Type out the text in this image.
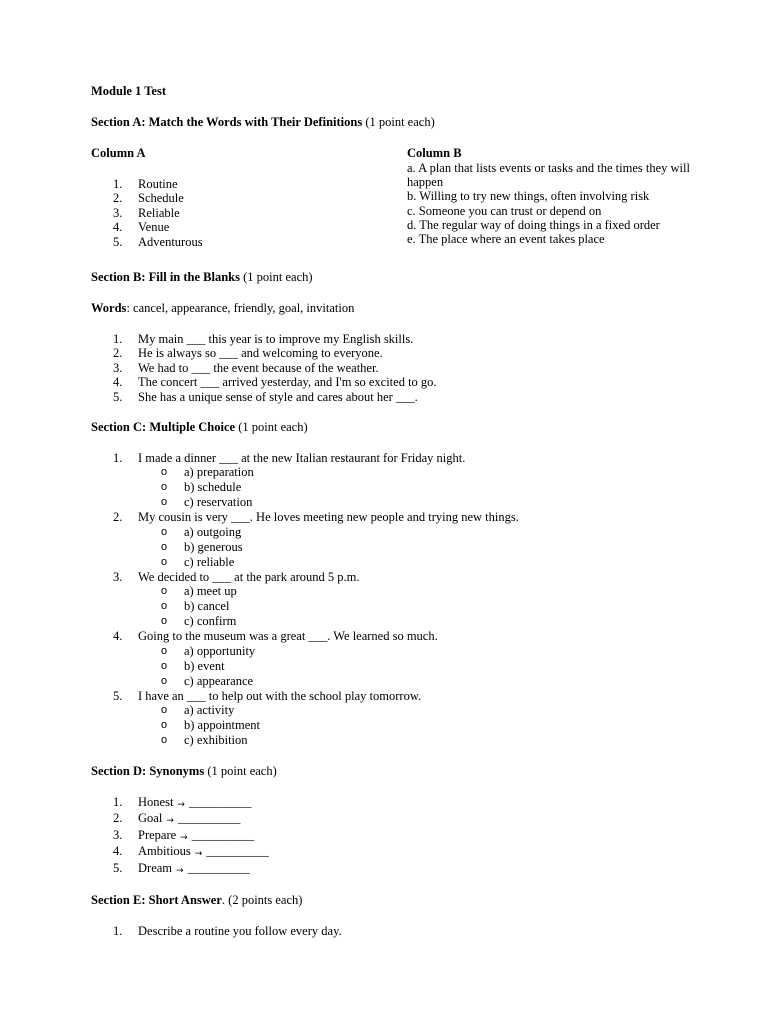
Module 1 Test
Section A: Match the Words with Their Definitions (1 point each)
Column A
1. Routine
2. Schedule
3. Reliable
4. Venue
5. Adventurous
Column B
a. A plan that lists events or tasks and the times they will happen
b. Willing to try new things, often involving risk
c. Someone you can trust or depend on
d. The regular way of doing things in a fixed order
e. The place where an event takes place
Section B: Fill in the Blanks (1 point each)
Words: cancel, appearance, friendly, goal, invitation
1. My main ___ this year is to improve my English skills.
2. He is always so ___ and welcoming to everyone.
3. We had to ___ the event because of the weather.
4. The concert ___ arrived yesterday, and I'm so excited to go.
5. She has a unique sense of style and cares about her ___.
Section C: Multiple Choice (1 point each)
1. I made a dinner ___ at the new Italian restaurant for Friday night.
o a) preparation
o b) schedule
o c) reservation
2. My cousin is very ___. He loves meeting new people and trying new things.
o a) outgoing
o b) generous
o c) reliable
3. We decided to ___ at the park around 5 p.m.
o a) meet up
o b) cancel
o c) confirm
4. Going to the museum was a great ___. We learned so much.
o a) opportunity
o b) event
o c) appearance
5. I have an ___ to help out with the school play tomorrow.
o a) activity
o b) appointment
o c) exhibition
Section D: Synonyms (1 point each)
1. Honest → __________
2. Goal → __________
3. Prepare → __________
4. Ambitious → __________
5. Dream → __________
Section E: Short Answer. (2 points each)
1. Describe a routine you follow every day.
